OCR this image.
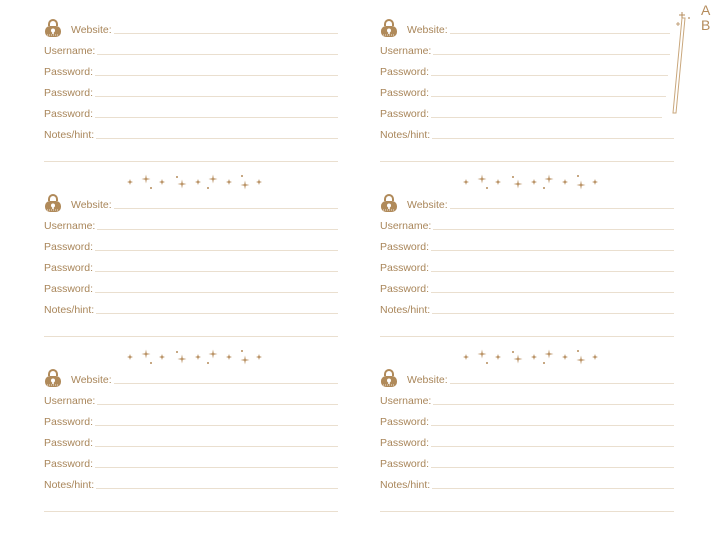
Website:
Username:
Password:
Password:
Password:
Notes/hint:
Website:
Username:
Password:
Password:
Password:
Notes/hint:
Website:
Username:
Password:
Password:
Password:
Notes/hint:
Website:
Username:
Password:
Password:
Password:
Notes/hint:
Website:
Username:
Password:
Password:
Password:
Notes/hint:
Website:
Username:
Password:
Password:
Password:
Notes/hint:
A
B
